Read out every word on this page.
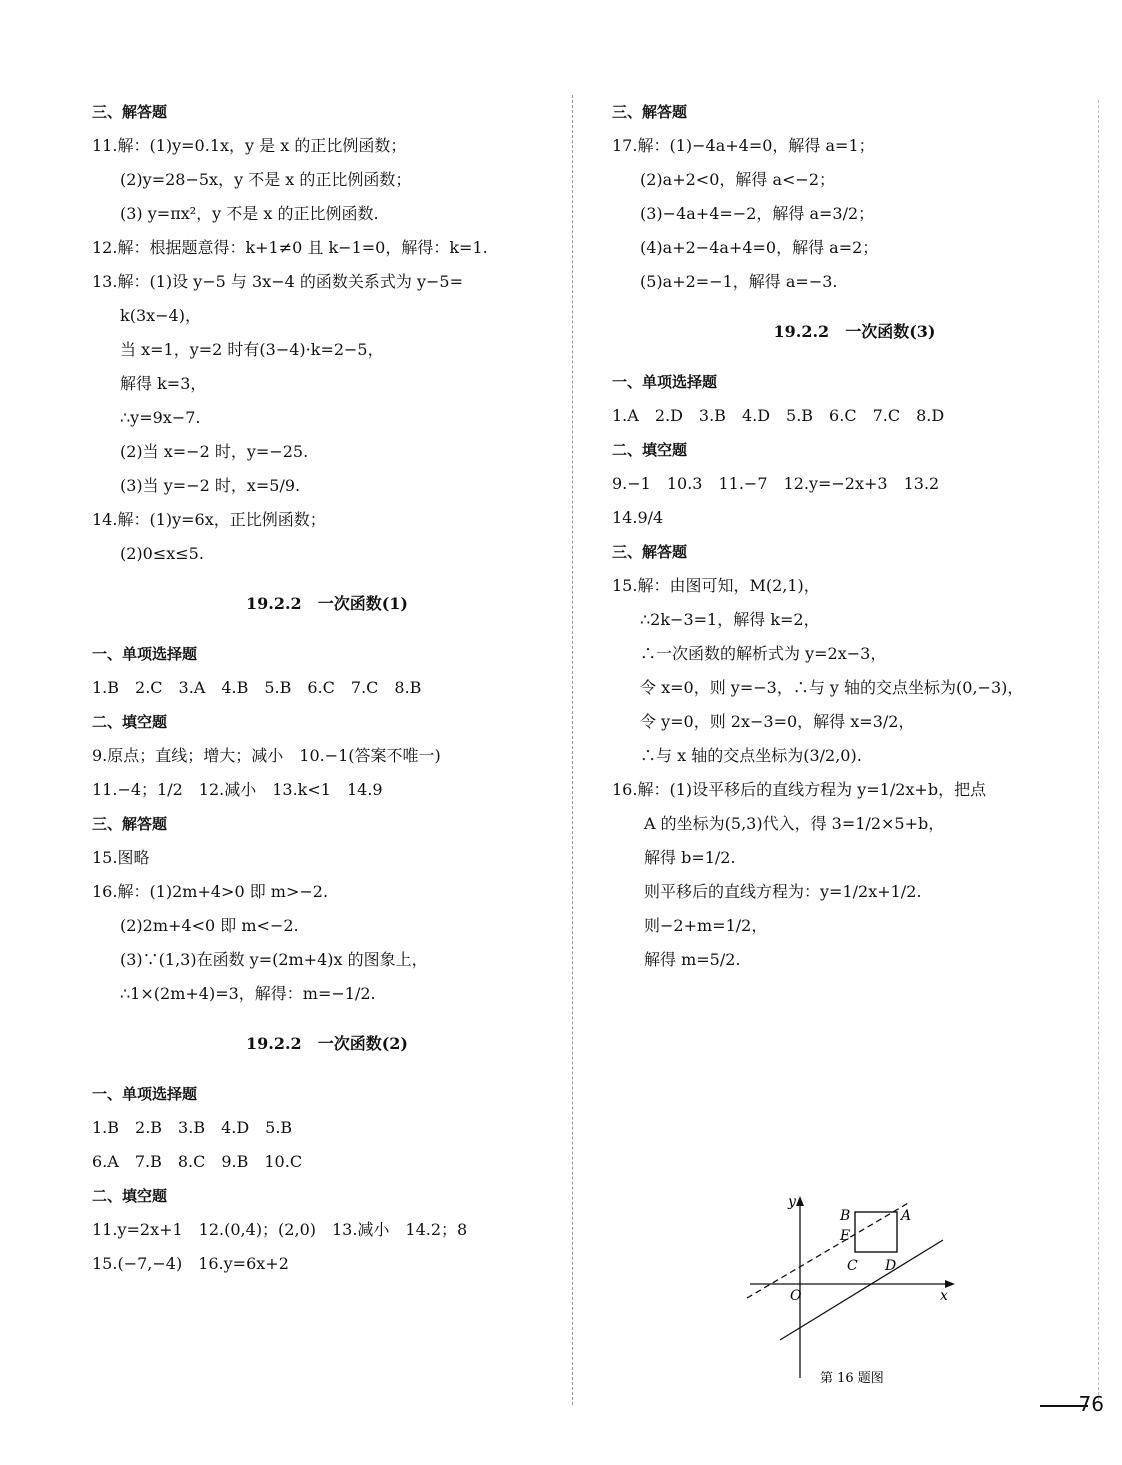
三、解答题
11.解：(1)y=0.1x，y 是 x 的正比例函数；
(2)y=28−5x，y 不是 x 的正比例函数；
(3) y=πx²，y 不是 x 的正比例函数.
12.解：根据题意得：k+1≠0 且 k−1=0，解得：k=1.
13.解：(1)设 y−5 与 3x−4 的函数关系式为 y−5=
k(3x−4)，
当 x=1，y=2 时有(3−4)·k=2−5，
解得 k=3，
∴y=9x−7.
(2)当 x=−2 时，y=−25.
(3)当 y=−2 时，x=5/9.
14.解：(1)y=6x，正比例函数；
(2)0≤x≤5.
19.2.2　一次函数(1)
一、单项选择题
1.B　2.C　3.A　4.B　5.B　6.C　7.C　8.B
二、填空题
9.原点；直线；增大；减小　10.−1(答案不唯一)
11.−4；1/2　12.减小　13.k<1　14.9
三、解答题
15.图略
16.解：(1)2m+4>0 即 m>−2.
(2)2m+4<0 即 m<−2.
(3)∵(1,3)在函数 y=(2m+4)x 的图象上，
∴1×(2m+4)=3，解得：m=−1/2.
19.2.2　一次函数(2)
一、单项选择题
1.B　2.B　3.B　4.D　5.B
6.A　7.B　8.C　9.B　10.C
二、填空题
11.y=2x+1　12.(0,4)；(2,0)　13.减小　14.2；8
15.(−7,−4)　16.y=6x+2
三、解答题
17.解：(1)−4a+4=0，解得 a=1；
(2)a+2<0，解得 a<−2；
(3)−4a+4=−2，解得 a=3/2；
(4)a+2−4a+4=0，解得 a=2；
(5)a+2=−1，解得 a=−3.
19.2.2　一次函数(3)
一、单项选择题
1.A　2.D　3.B　4.D　5.B　6.C　7.C　8.D
二、填空题
9.−1　10.3　11.−7　12.y=−2x+3　13.2
14.9/4
三、解答题
15.解：由图可知，M(2,1)，
∴2k−3=1，解得 k=2，
∴一次函数的解析式为 y=2x−3，
令 x=0，则 y=−3，∴与 y 轴的交点坐标为(0,−3)，
令 y=0，则 2x−3=0，解得 x=3/2，
∴与 x 轴的交点坐标为(3/2,0).
16.解：(1)设平移后的直线方程为 y=1/2x+b，把点
A 的坐标为(5,3)代入，得 3=1/2×5+b，
解得 b=1/2.
则平移后的直线方程为：y=1/2x+1/2.
则−2+m=1/2，
解得 m=5/2.
y
x
O
A
B
E
C D
第 16 题图
76
